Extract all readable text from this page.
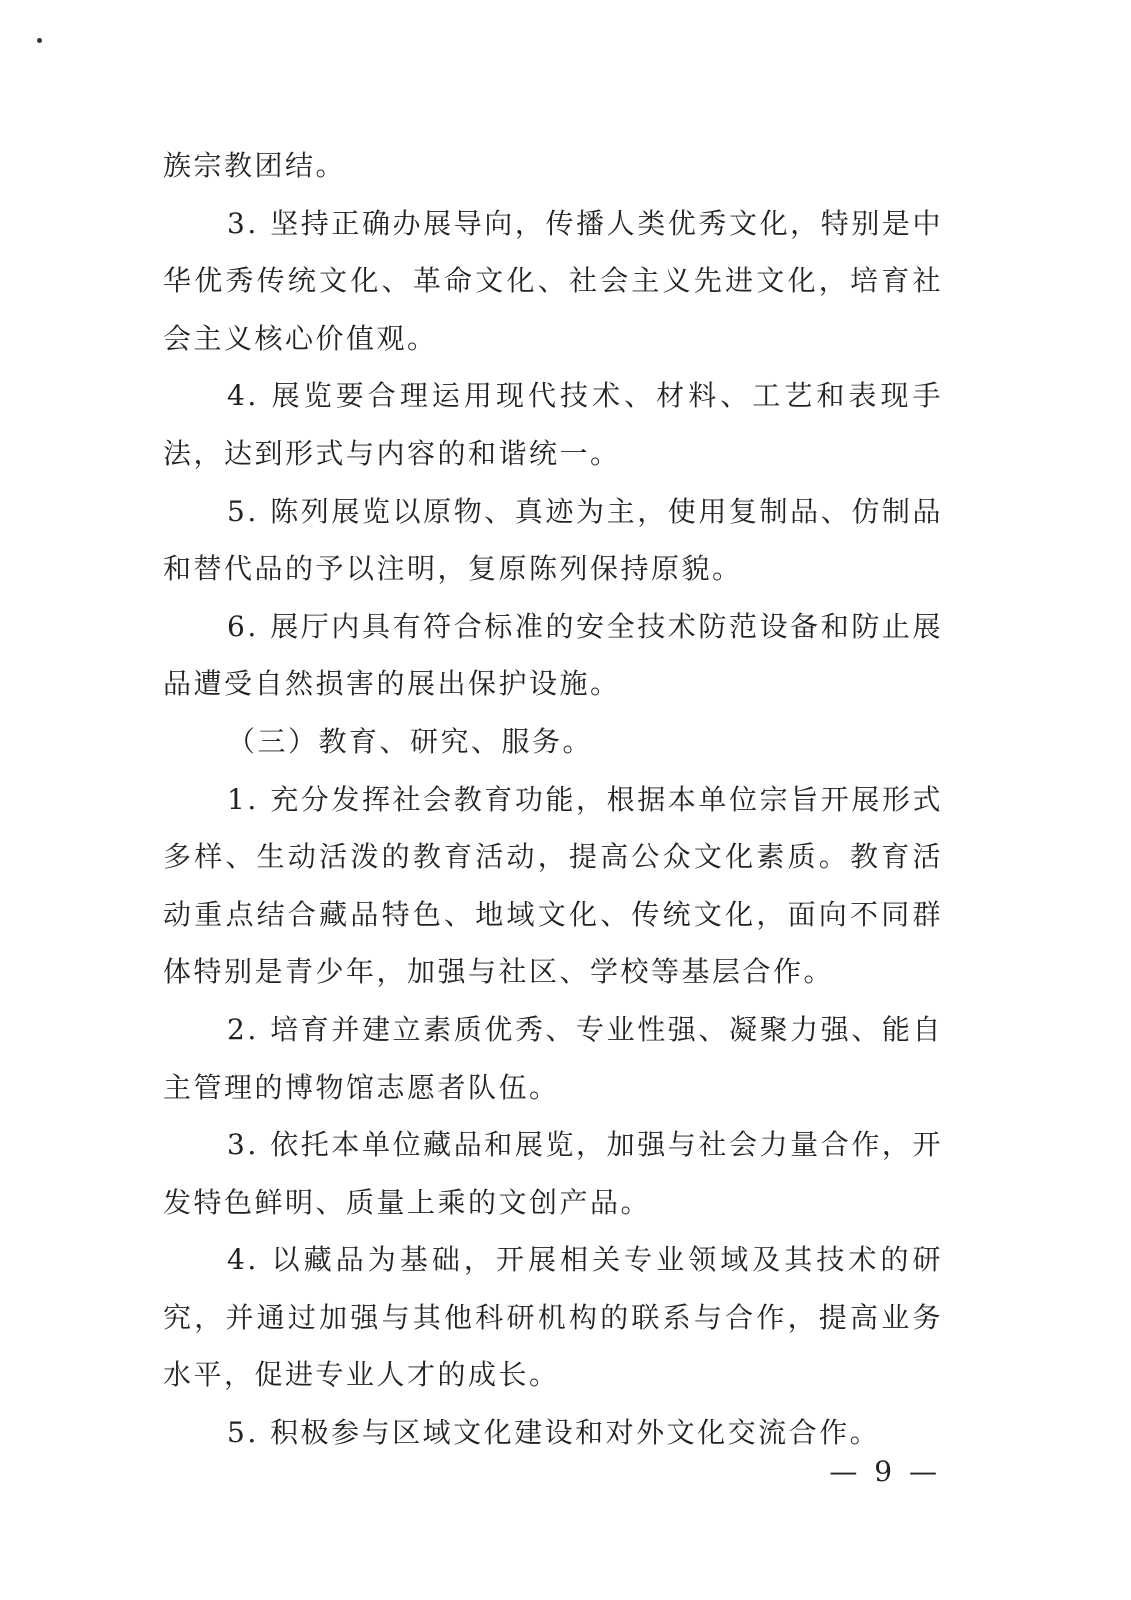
族宗教团结。

3. 坚持正确办展导向，传播人类优秀文化，特别是中华优秀传统文化、革命文化、社会主义先进文化，培育社会主义核心价值观。

4. 展览要合理运用现代技术、材料、工艺和表现手法，达到形式与内容的和谐统一。

5. 陈列展览以原物、真迹为主，使用复制品、仿制品和替代品的予以注明，复原陈列保持原貌。

6. 展厅内具有符合标准的安全技术防范设备和防止展品遭受自然损害的展出保护设施。

（三）教育、研究、服务。

1. 充分发挥社会教育功能，根据本单位宗旨开展形式多样、生动活泼的教育活动，提高公众文化素质。教育活动重点结合藏品特色、地域文化、传统文化，面向不同群体特别是青少年，加强与社区、学校等基层合作。

2. 培育并建立素质优秀、专业性强、凝聚力强、能自主管理的博物馆志愿者队伍。

3. 依托本单位藏品和展览，加强与社会力量合作，开发特色鲜明、质量上乘的文创产品。

4. 以藏品为基础，开展相关专业领域及其技术的研究，并通过加强与其他科研机构的联系与合作，提高业务水平，促进专业人才的成长。

5. 积极参与区域文化建设和对外文化交流合作。

— 9 —
